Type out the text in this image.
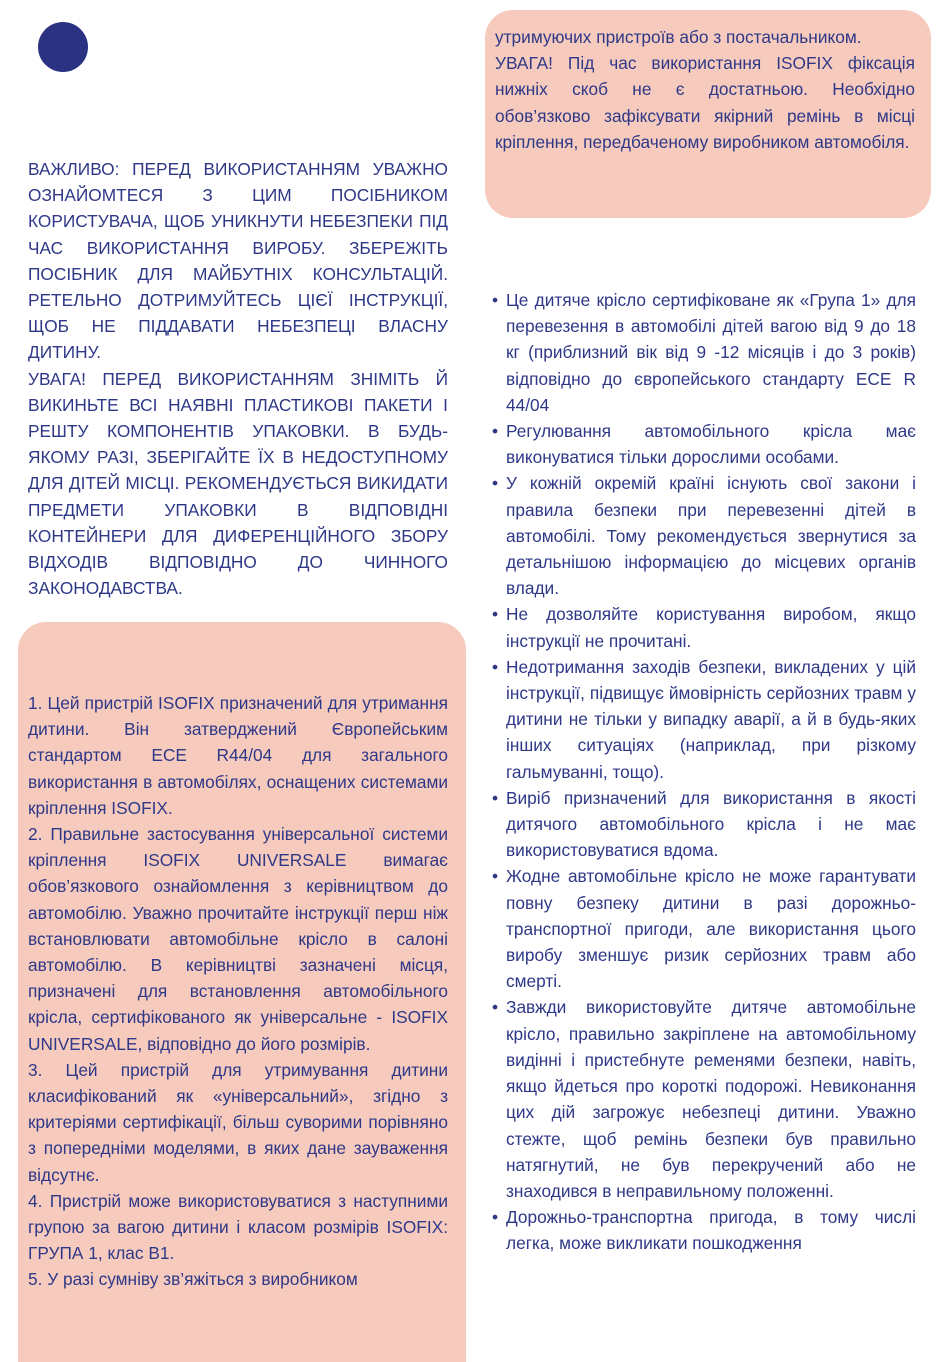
утримуючих пристроїв або з постачальником.

УВАГА! Під час використання ISOFIX фіксація нижніх скоб не є достатньою. Необхідно обов’язково зафіксувати якірний ремінь в місці кріплення, передбаченому виробником автомобіля.

ВАЖЛИВО: ПЕРЕД ВИКОРИСТАННЯМ УВАЖНО ОЗНАЙОМТЕСЯ З ЦИМ ПОСІБНИКОМ КОРИСТУВАЧА, ЩОБ УНИКНУТИ НЕБЕЗПЕКИ ПІД ЧАС ВИКОРИСТАННЯ ВИРОБУ. ЗБЕРЕЖІТЬ ПОСІБНИК ДЛЯ МАЙБУТНІХ КОНСУЛЬТАЦІЙ. РЕТЕЛЬНО ДОТРИМУЙТЕСЬ ЦІЄЇ ІНСТРУКЦІЇ, ЩОБ НЕ ПІДДАВАТИ НЕБЕЗПЕЦІ ВЛАСНУ ДИТИНУ.

УВАГА! ПЕРЕД ВИКОРИСТАННЯМ ЗНІМІТЬ Й ВИКИНЬТЕ ВСІ НАЯВНІ ПЛАСТИКОВІ ПАКЕТИ І РЕШТУ КОМПОНЕНТІВ УПАКОВКИ. В БУДЬ-ЯКОМУ РАЗІ, ЗБЕРІГАЙТЕ ЇХ В НЕДОСТУПНОМУ ДЛЯ ДІТЕЙ МІСЦІ. РЕКОМЕНДУЄТЬСЯ ВИКИДАТИ ПРЕДМЕТИ УПАКОВКИ В ВІДПОВІДНІ КОНТЕЙНЕРИ ДЛЯ ДИФЕРЕНЦІЙНОГО ЗБОРУ ВІДХОДІВ ВІДПОВІДНО ДО ЧИННОГО ЗАКОНОДАВСТВА.

1. Цей пристрій ISOFIX призначений для утримання дитини. Він затверджений Європейським стандартом ECE R44/04 для загального використання в автомобілях, оснащених системами кріплення ISOFIX.

2. Правильне застосування універсальної системи кріплення ISOFIX UNIVERSALE вимагає обов’язкового ознайомлення з керівництвом до автомобілю. Уважно прочитайте інструкції перш ніж встановлювати автомобільне крісло в салоні автомобілю. В керівництві зазначені місця, призначені для встановлення автомобільного крісла, сертифікованого як універсальне - ISOFIX UNIVERSALE, відповідно до його розмірів.

3. Цей пристрій для утримування дитини класифікований як «універсальний», згідно з критеріями сертифікації, більш суворими порівняно з попередніми моделями, в яких дане зауваження відсутнє.

4. Пристрій може використовуватися з наступними групою за вагою дитини і класом розмірів ISOFIX: ГРУПА 1, клас B1.

5. У разі сумніву зв’яжіться з виробником

• Це дитяче крісло сертифіковане як «Група 1» для перевезення в автомобілі дітей вагою від 9 до 18 кг (приблизний вік від 9 -12 місяців і до 3 років) відповідно до європейського стандарту ECE R 44/04
• Регулювання автомобільного крісла має виконуватися тільки дорослими особами.
• У кожній окремій країні існують свої закони і правила безпеки при перевезенні дітей в автомобілі. Тому рекомендується звернутися за детальнішою інформацією до місцевих органів влади.
• Не дозволяйте користування виробом, якщо інструкції не прочитані.
• Недотримання заходів безпеки, викладених у цій інструкції, підвищує ймовірність серйозних травм у дитини не тільки у випадку аварії, а й в будь-яких інших ситуаціях (наприклад, при різкому гальмуванні, тощо).
• Виріб призначений для використання в якості дитячого автомобільного крісла і не має використовуватися вдома.
• Жодне автомобільне крісло не може гарантувати повну безпеку дитини в разі дорожньо-транспортної пригоди, але використання цього виробу зменшує ризик серйозних травм або смерті.
• Завжди використовуйте дитяче автомобільне крісло, правильно закріплене на автомобільному видінні і пристебнуте ременями безпеки, навіть, якщо йдеться про короткі подорожі. Невиконання цих дій загрожує небезпеці дитини. Уважно стежте, щоб ремінь безпеки був правильно натягнутий, не був перекручений або не знаходився в неправильному положенні.
• Дорожньо-транспортна пригода, в тому числі легка, може викликати пошкодження
